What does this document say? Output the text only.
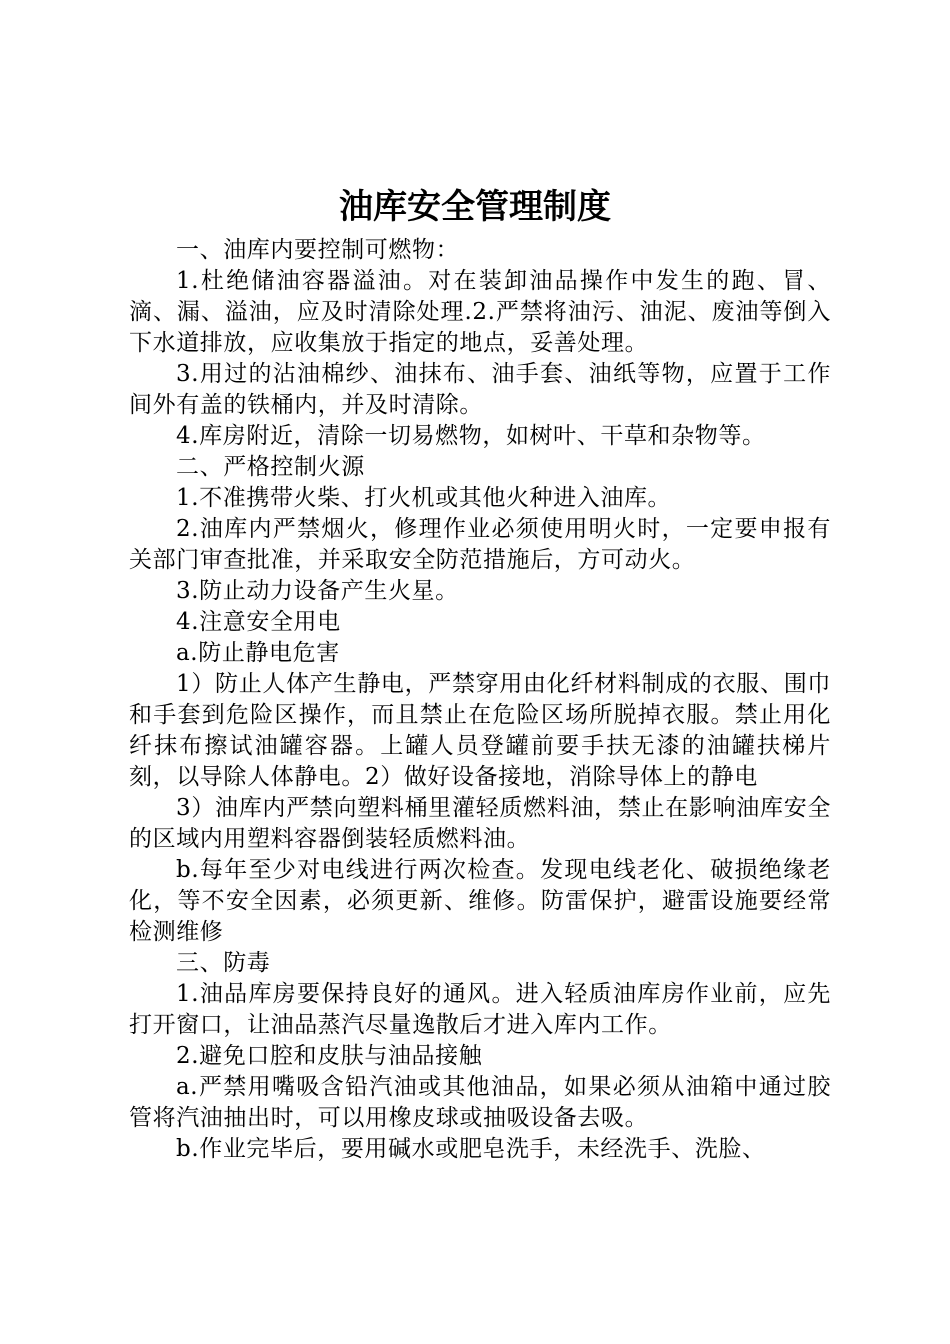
油库安全管理制度

一、油库内要控制可燃物：

1.杜绝储油容器溢油。对在装卸油品操作中发生的跑、冒、滴、漏、溢油，应及时清除处理.2.严禁将油污、油泥、废油等倒入下水道排放，应收集放于指定的地点，妥善处理。

3.用过的沾油棉纱、油抹布、油手套、油纸等物，应置于工作间外有盖的铁桶内，并及时清除。

4.库房附近，清除一切易燃物，如树叶、干草和杂物等。

二、严格控制火源

1.不准携带火柴、打火机或其他火种进入油库。

2.油库内严禁烟火，修理作业必须使用明火时，一定要申报有关部门审查批准，并采取安全防范措施后，方可动火。

3.防止动力设备产生火星。

4.注意安全用电

a.防止静电危害

1）防止人体产生静电，严禁穿用由化纤材料制成的衣服、围巾和手套到危险区操作，而且禁止在危险区场所脱掉衣服。禁止用化纤抹布擦试油罐容器。上罐人员登罐前要手扶无漆的油罐扶梯片刻，以导除人体静电。2）做好设备接地，消除导体上的静电

3）油库内严禁向塑料桶里灌轻质燃料油，禁止在影响油库安全的区域内用塑料容器倒装轻质燃料油。

b.每年至少对电线进行两次检查。发现电线老化、破损绝缘老化，等不安全因素，必须更新、维修。防雷保护，避雷设施要经常检测维修

三、防毒

1.油品库房要保持良好的通风。进入轻质油库房作业前，应先打开窗口，让油品蒸汽尽量逸散后才进入库内工作。

2.避免口腔和皮肤与油品接触

a.严禁用嘴吸含铅汽油或其他油品，如果必须从油箱中通过胶管将汽油抽出时，可以用橡皮球或抽吸设备去吸。

b.作业完毕后，要用碱水或肥皂洗手，未经洗手、洗脸、
